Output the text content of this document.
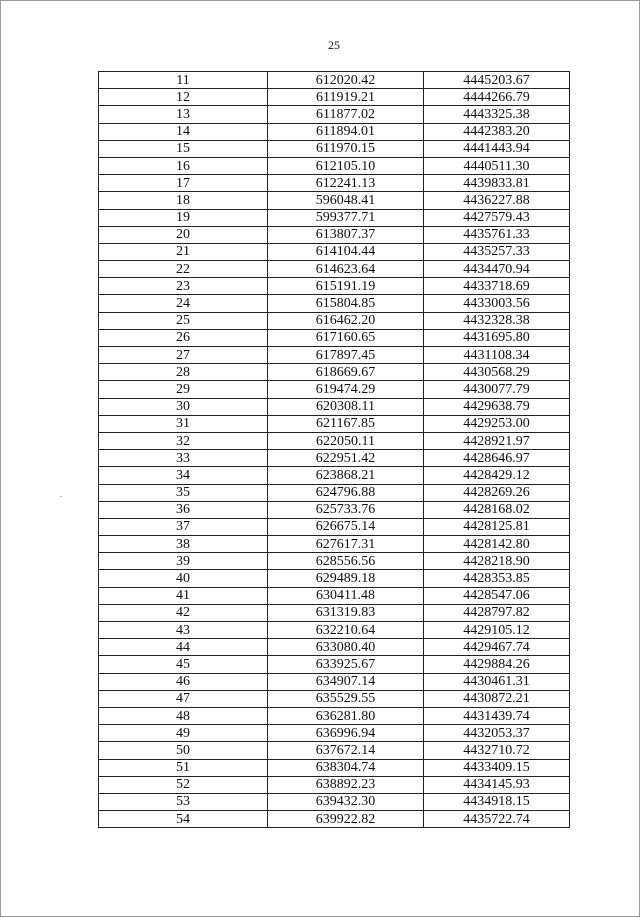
25
11	612020.42	4445203.67
12	611919.21	4444266.79
13	611877.02	4443325.38
14	611894.01	4442383.20
15	611970.15	4441443.94
16	612105.10	4440511.30
17	612241.13	4439833.81
18	596048.41	4436227.88
19	599377.71	4427579.43
20	613807.37	4435761.33
21	614104.44	4435257.33
22	614623.64	4434470.94
23	615191.19	4433718.69
24	615804.85	4433003.56
25	616462.20	4432328.38
26	617160.65	4431695.80
27	617897.45	4431108.34
28	618669.67	4430568.29
29	619474.29	4430077.79
30	620308.11	4429638.79
31	621167.85	4429253.00
32	622050.11	4428921.97
33	622951.42	4428646.97
34	623868.21	4428429.12
35	624796.88	4428269.26
36	625733.76	4428168.02
37	626675.14	4428125.81
38	627617.31	4428142.80
39	628556.56	4428218.90
40	629489.18	4428353.85
41	630411.48	4428547.06
42	631319.83	4428797.82
43	632210.64	4429105.12
44	633080.40	4429467.74
45	633925.67	4429884.26
46	634907.14	4430461.31
47	635529.55	4430872.21
48	636281.80	4431439.74
49	636996.94	4432053.37
50	637672.14	4432710.72
51	638304.74	4433409.15
52	638892.23	4434145.93
53	639432.30	4434918.15
54	639922.82	4435722.74
